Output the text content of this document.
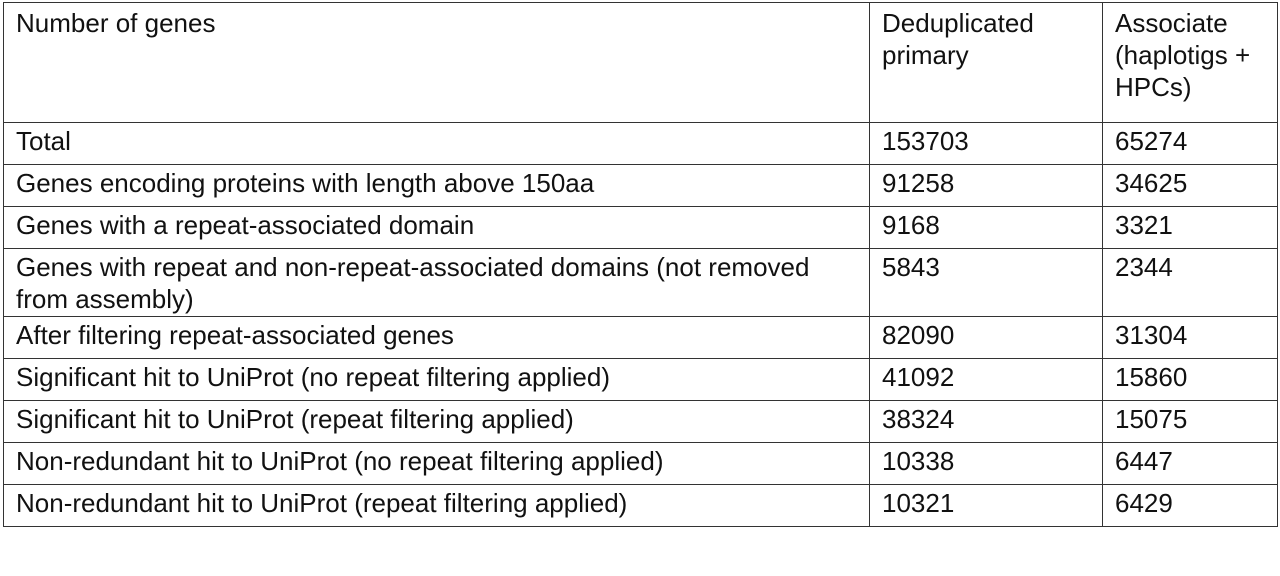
Number of genes	Deduplicated primary	Associate (haplotigs + HPCs)
Total	153703	65274
Genes encoding proteins with length above 150aa	91258	34625
Genes with a repeat-associated domain	9168	3321
Genes with repeat and non-repeat-associated domains (not removed from assembly)	5843	2344
After filtering repeat-associated genes	82090	31304
Significant hit to UniProt (no repeat filtering applied)	41092	15860
Significant hit to UniProt (repeat filtering applied)	38324	15075
Non-redundant hit to UniProt (no repeat filtering applied)	10338	6447
Non-redundant hit to UniProt (repeat filtering applied)	10321	6429
